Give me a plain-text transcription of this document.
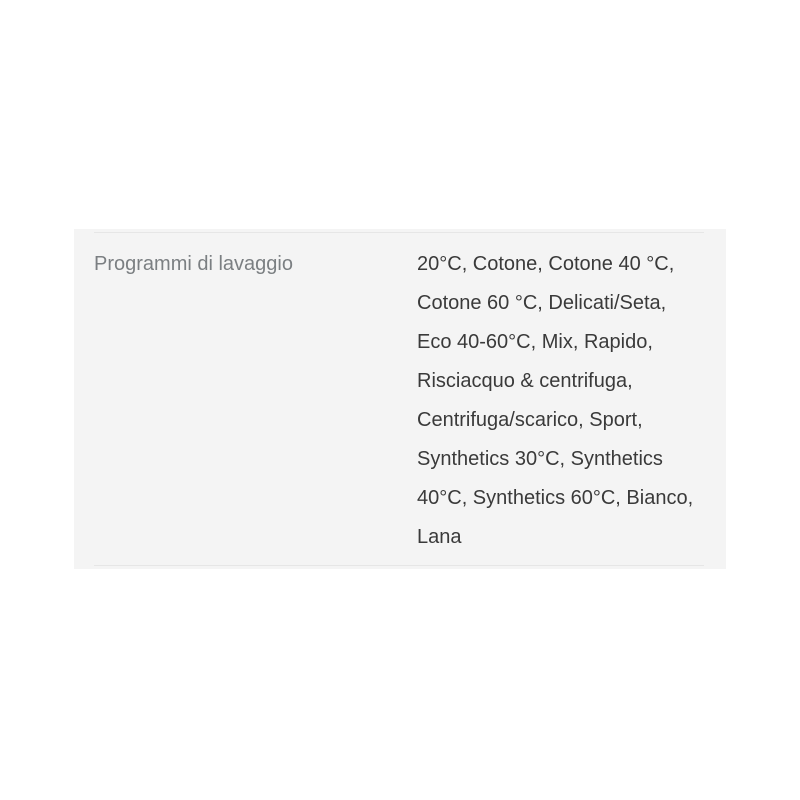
Programmi di lavaggio	20°C, Cotone, Cotone 40 °C,
Cotone 60 °C, Delicati/Seta,
Eco 40-60°C, Mix, Rapido,
Risciacquo & centrifuga,
Centrifuga/scarico, Sport,
Synthetics 30°C, Synthetics
40°C, Synthetics 60°C, Bianco,
Lana
